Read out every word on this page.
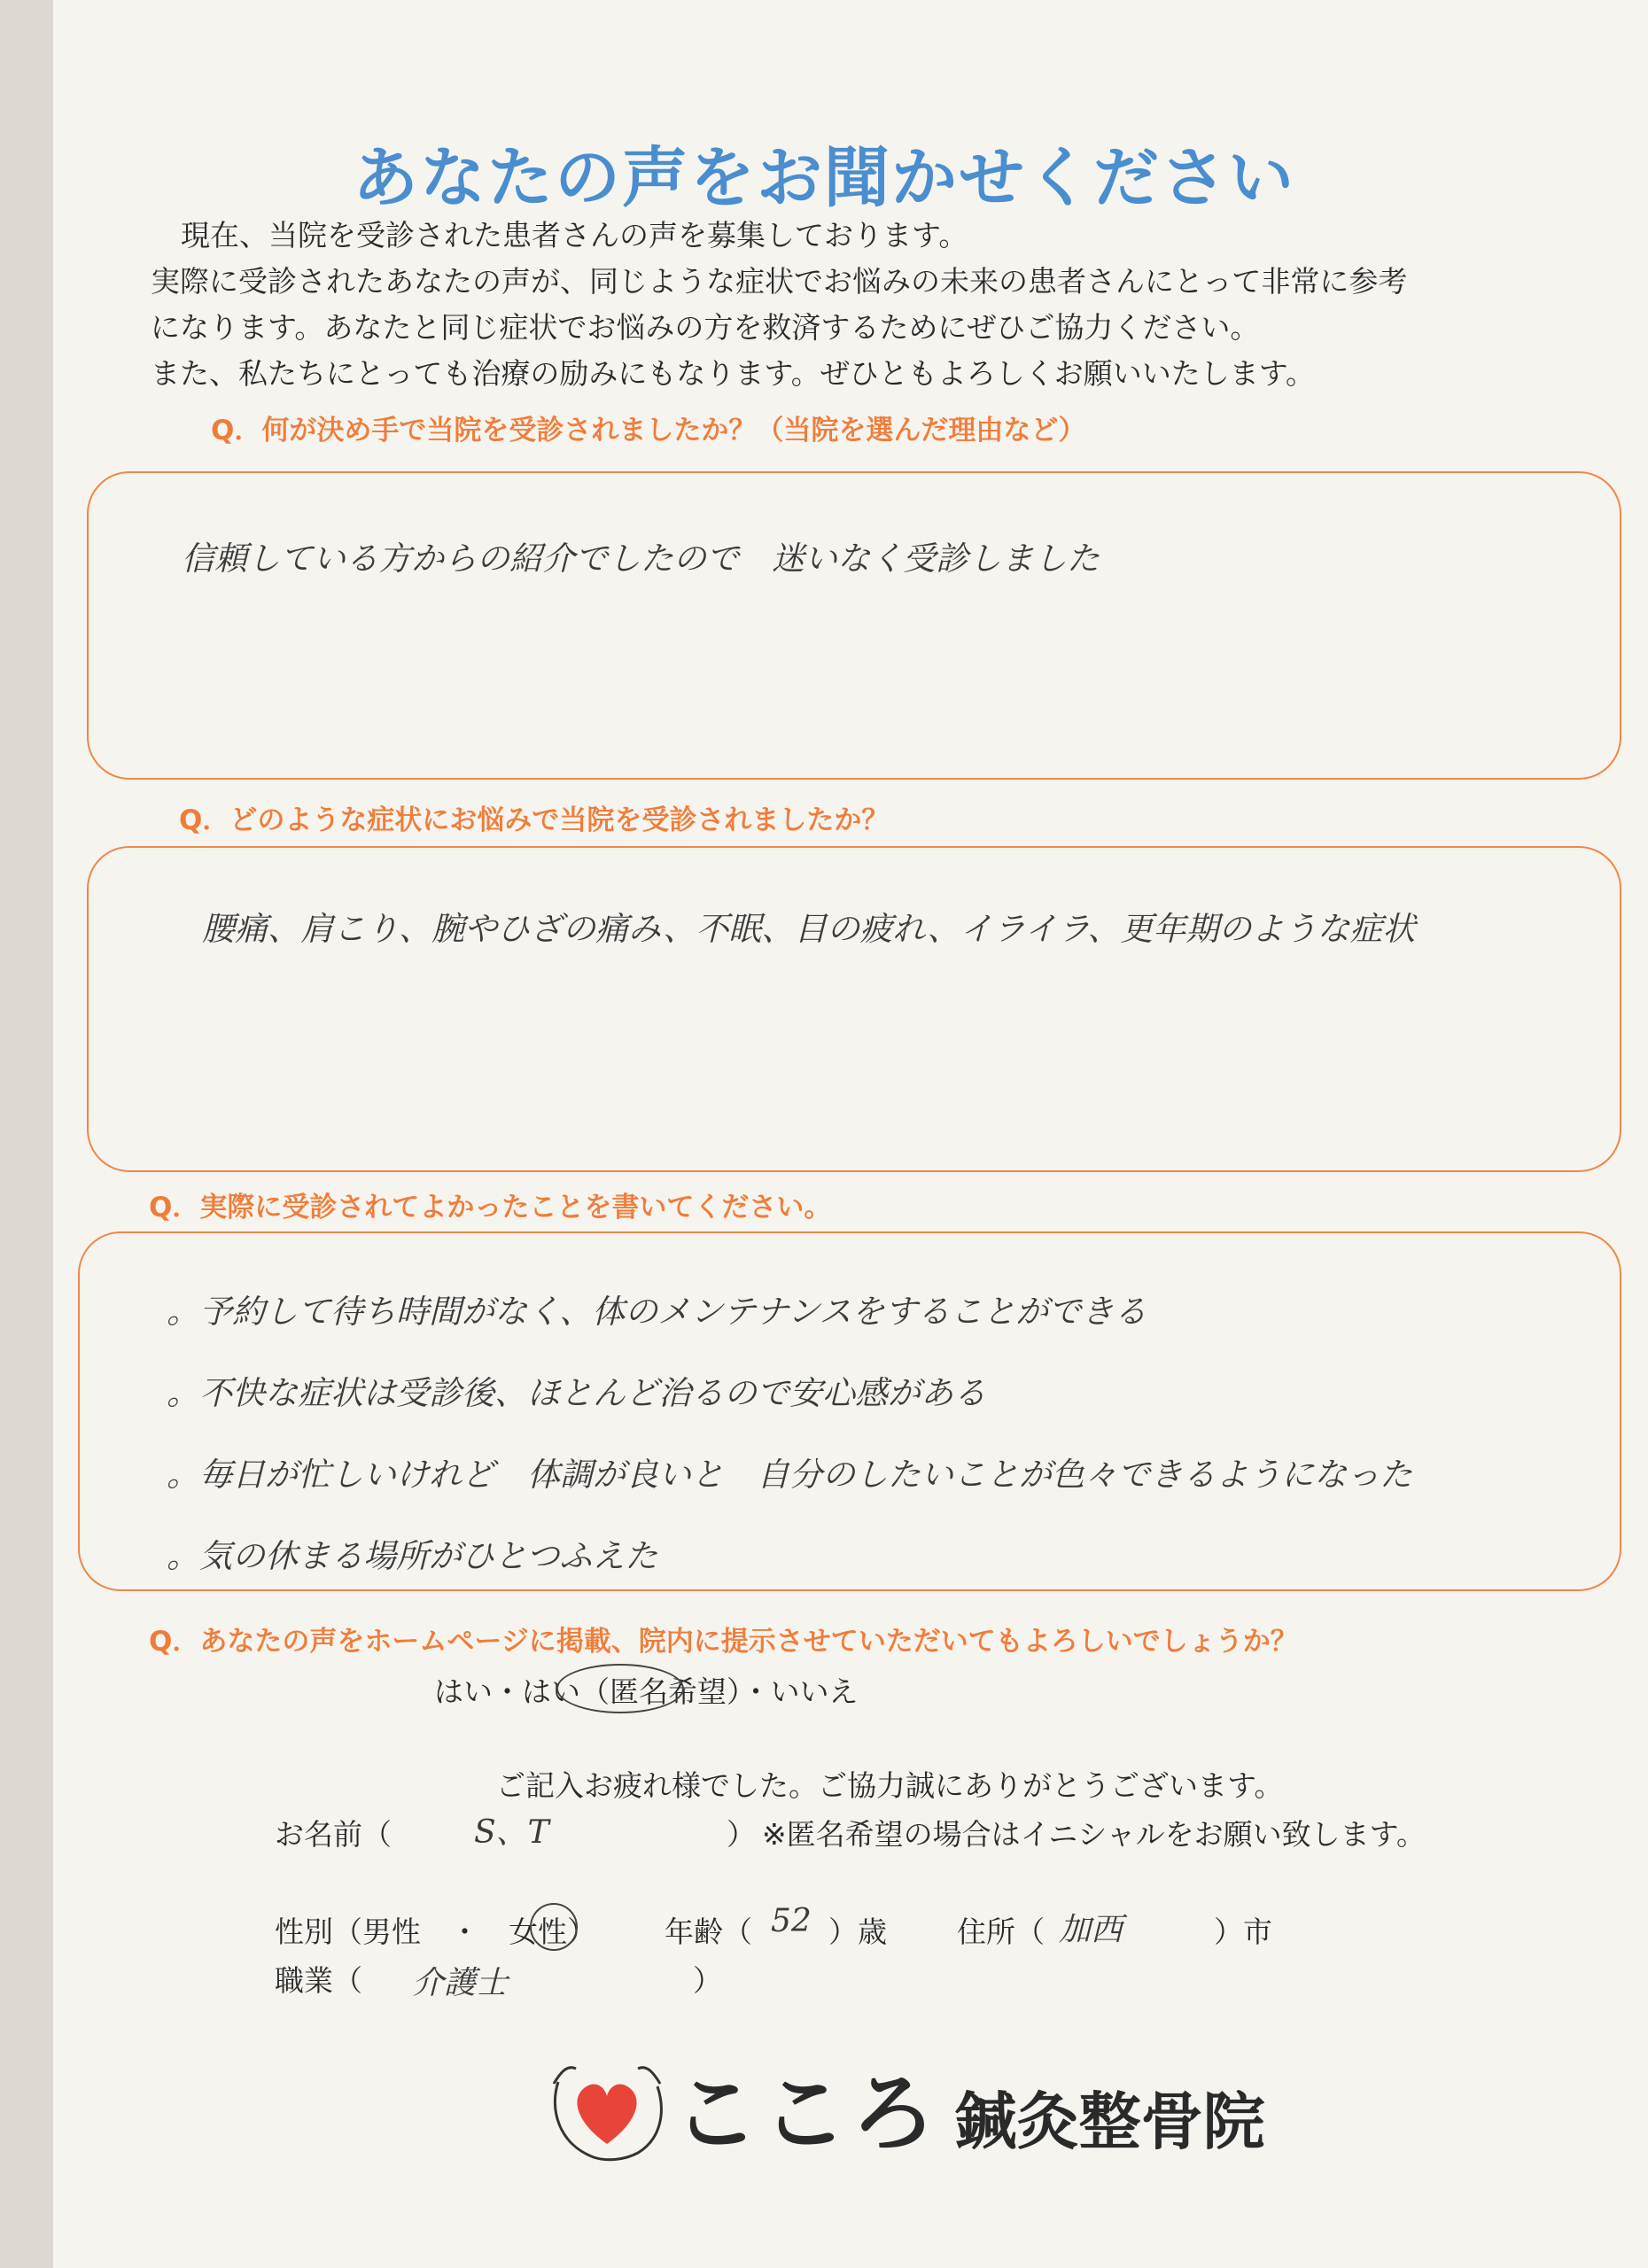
あなたの声をお聞かせください
現在、当院を受診された患者さんの声を募集しております。
実際に受診されたあなたの声が、同じような症状でお悩みの未来の患者さんにとって非常に参考
になります。あなたと同じ症状でお悩みの方を救済するためにぜひご協力ください。
また、私たちにとっても治療の励みにもなります。ぜひともよろしくお願いいたします。
Q．何が決め手で当院を受診されましたか？（当院を選んだ理由など）
信頼している方からの紹介でしたので　迷いなく受診しました
Q．どのような症状にお悩みで当院を受診されましたか？
腰痛、肩こり、腕やひざの痛み、不眠、目の疲れ、イライラ、更年期のような症状
Q．実際に受診されてよかったことを書いてください。
。予約して待ち時間がなく、体のメンテナンスをすることができる
。不快な症状は受診後、ほとんど治るので安心感がある
。毎日が忙しいけれど　体調が良いと　自分のしたいことが色々できるようになった
。気の休まる場所がひとつふえた
Q．あなたの声をホームページに掲載、院内に提示させていただいてもよろしいでしょうか？
はい・はい（匿名希望）・いいえ
ご記入お疲れ様でした。ご協力誠にありがとうございます。
お名前（	S、T	） ※匿名希望の場合はイニシャルをお願い致します。
性別（男性　・　女性） 年齢（ 52 ）歳 住所（ 加西	）市
職業（ 介護士	）
こころ 鍼灸整骨院
